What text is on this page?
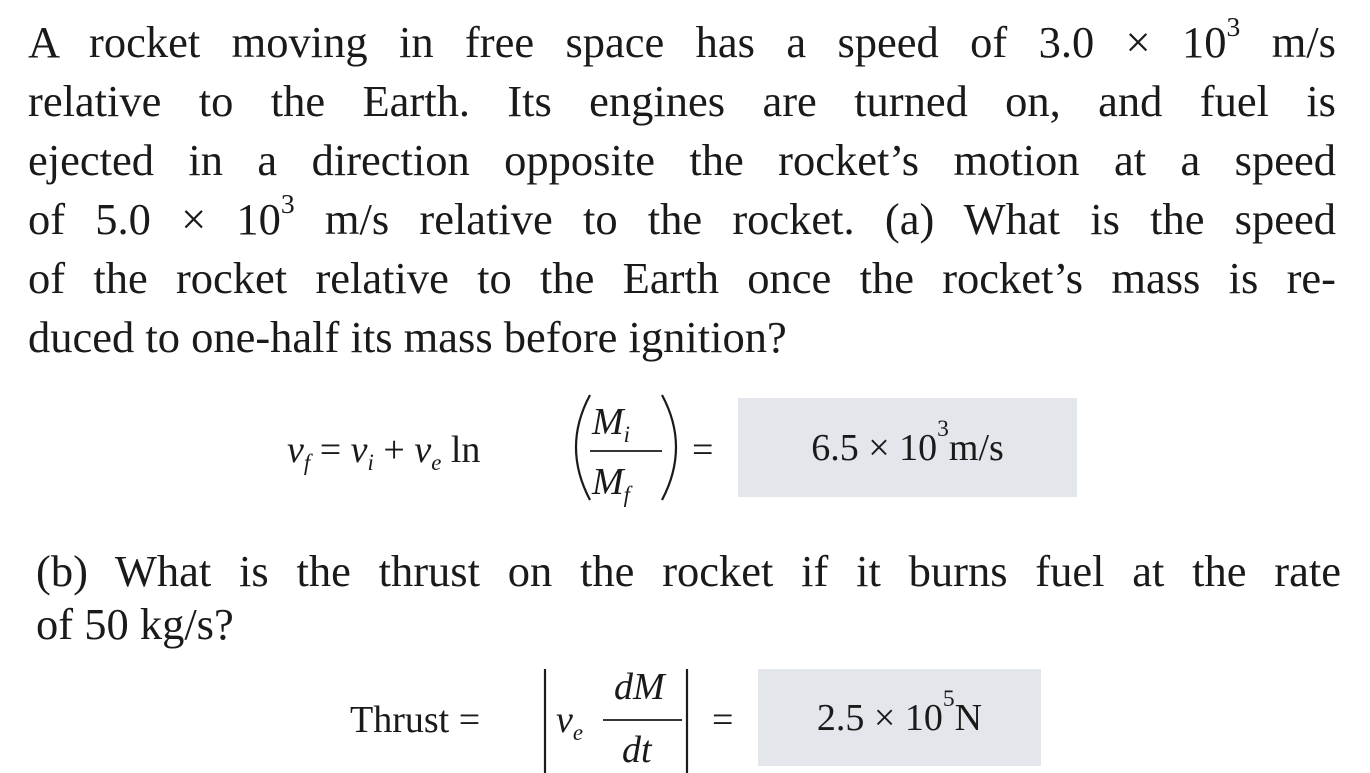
A rocket moving in free space has a speed of $3.0 \times 10^3$ m/s
relative to the Earth. Its engines are turned on, and fuel is
ejected in a direction opposite the rocket’s motion at a speed
of $5.0 \times 10^3$ m/s relative to the rocket. (a) What is the speed
of the rocket relative to the Earth once the rocket’s mass is re-
duced to one-half its mass before ignition?
$v_f = v_i + v_e$ ln
$M_i$
$M_f$
=	$6.5 \times 10^3$ m/s
(b) What is the thrust on the rocket if it burns fuel at the rate
of 50 kg/s?
Thrust = $v_e$
dM
dt
= $2.5 \times 10^5$ N
